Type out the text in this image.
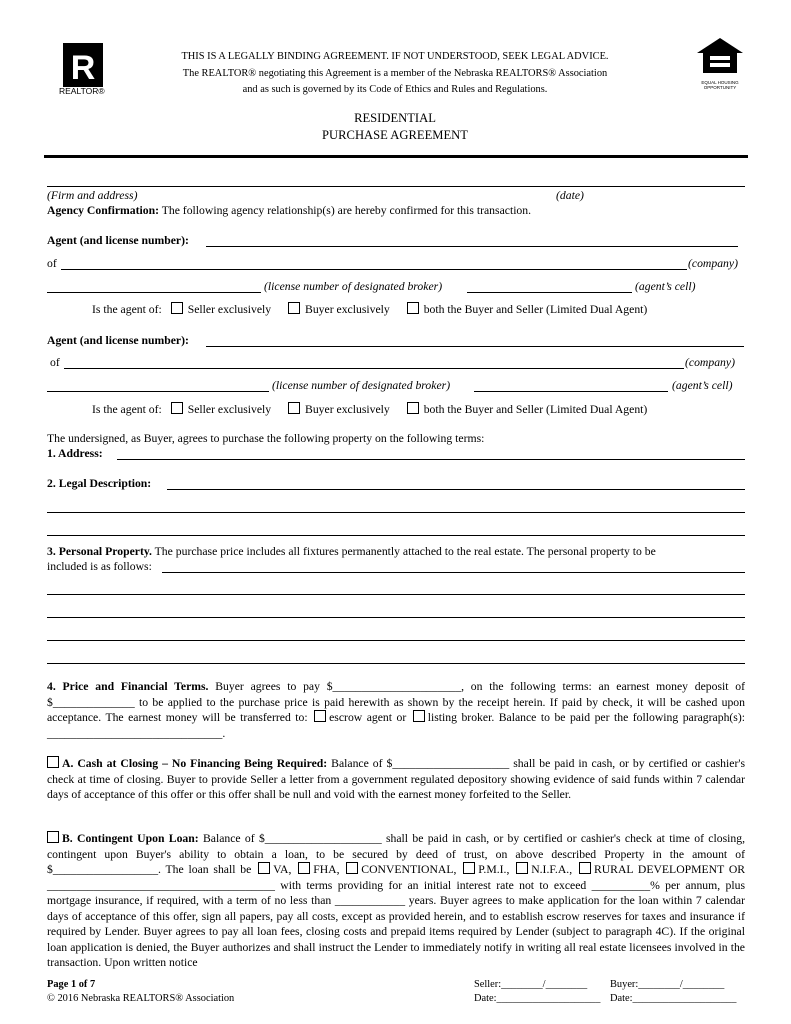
R
REALTOR®
THIS IS A LEGALLY BINDING AGREEMENT. IF NOT UNDERSTOOD, SEEK LEGAL ADVICE.
The REALTOR® negotiating this Agreement is a member of the Nebraska REALTORS® Association
and as such is governed by its Code of Ethics and Rules and Regulations.
EQUAL HOUSING OPPORTUNITY
RESIDENTIAL
PURCHASE AGREEMENT
(Firm and address)	(date)
Agency Confirmation: The following agency relationship(s) are hereby confirmed for this transaction.
Agent (and license number):
of	(company)
(license number of designated broker)	(agent’s cell)
Is the agent of: Seller exclusively	Buyer exclusively	both the Buyer and Seller (Limited Dual Agent)
Agent (and license number):
of	(company)
(license number of designated broker)	(agent’s cell)
Is the agent of: Seller exclusively	Buyer exclusively	both the Buyer and Seller (Limited Dual Agent)
The undersigned, as Buyer, agrees to purchase the following property on the following terms:
1. Address:
2. Legal Description:
3. Personal Property. The purchase price includes all fixtures permanently attached to the real estate. The personal property to be
included is as follows:

4. Price and Financial Terms. Buyer agrees to pay $______________________, on the following terms: an earnest money deposit of $______________ to be applied to the purchase price is paid herewith as shown by the receipt herein. If paid by check, it will be cashed upon acceptance. The earnest money will be transferred to: escrow agent or listing broker. Balance to be paid per the following paragraph(s): ______________________________.

A. Cash at Closing – No Financing Being Required: Balance of $____________________ shall be paid in cash, or by certified or cashier's check at time of closing. Buyer to provide Seller a letter from a government regulated depository showing evidence of said funds within 7 calendar days of acceptance of this offer or this offer shall be null and void with the earnest money forfeited to the Seller.

B. Contingent Upon Loan: Balance of $____________________ shall be paid in cash, or by certified or cashier's check at time of closing, contingent upon Buyer's ability to obtain a loan, to be secured by deed of trust, on above described Property in the amount of $__________________. The loan shall be VA, FHA, CONVENTIONAL, P.M.I., N.I.F.A., RURAL DEVELOPMENT OR _______________________________________ with terms providing for an initial interest rate not to exceed __________% per annum, plus mortgage insurance, if required, with a term of no less than ____________ years. Buyer agrees to make application for the loan within 7 calendar days of acceptance of this offer, sign all papers, pay all costs, except as provided herein, and to establish escrow reserves for taxes and insurance if required by Lender. Buyer agrees to pay all loan fees, closing costs and prepaid items required by Lender (subject to paragraph 4C). If the original loan application is denied, the Buyer authorizes and shall instruct the Lender to immediately notify in writing all real estate licensees involved in the transaction. Upon written notice

Page 1 of 7
© 2016 Nebraska REALTORS® Association
Seller:________/________ Buyer:________/________
Date:____________________ Date:____________________
